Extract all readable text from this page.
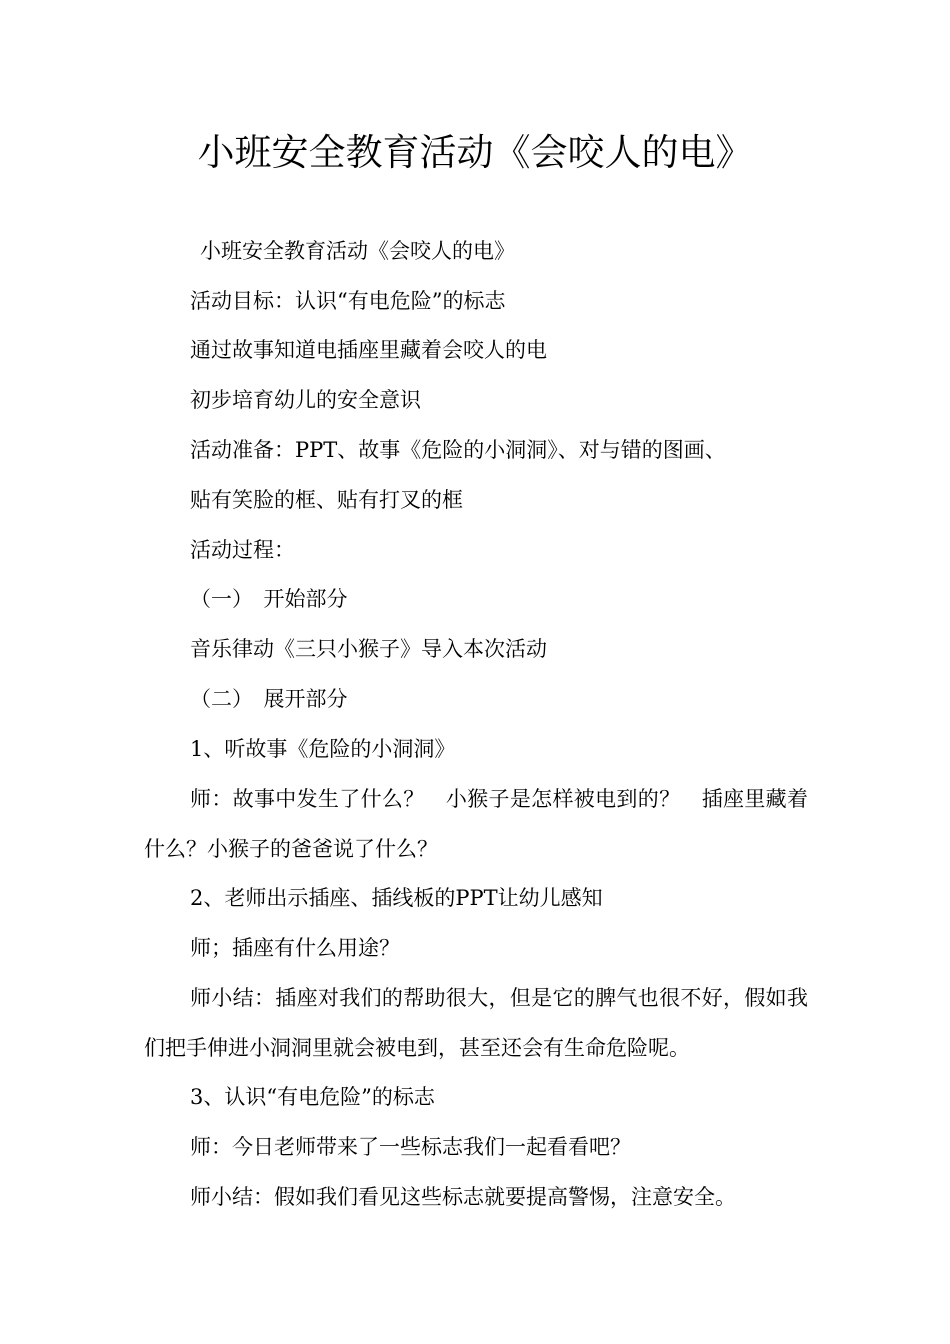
小班安全教育活动《会咬人的电》
小班安全教育活动《会咬人的电》
活动目标：认识“有电危险”的标志
通过故事知道电插座里藏着会咬人的电
初步培育幼儿的安全意识
活动准备：PPT、故事《危险的小洞洞》、对与错的图画、
贴有笑脸的框、贴有打叉的框
活动过程：
（一）　开始部分
音乐律动《三只小猴子》导入本次活动
（二）　展开部分
1、听故事《危险的小洞洞》
师：故事中发生了什么？　小猴子是怎样被电到的？　插座里藏着什么？小猴子的爸爸说了什么？
2、老师出示插座、插线板的PPT让幼儿感知
师；插座有什么用途？
师小结：插座对我们的帮助很大，但是它的脾气也很不好，假如我们把手伸进小洞洞里就会被电到，甚至还会有生命危险呢。
3、认识“有电危险”的标志
师：今日老师带来了一些标志我们一起看看吧？
师小结：假如我们看见这些标志就要提高警惕，注意安全。
